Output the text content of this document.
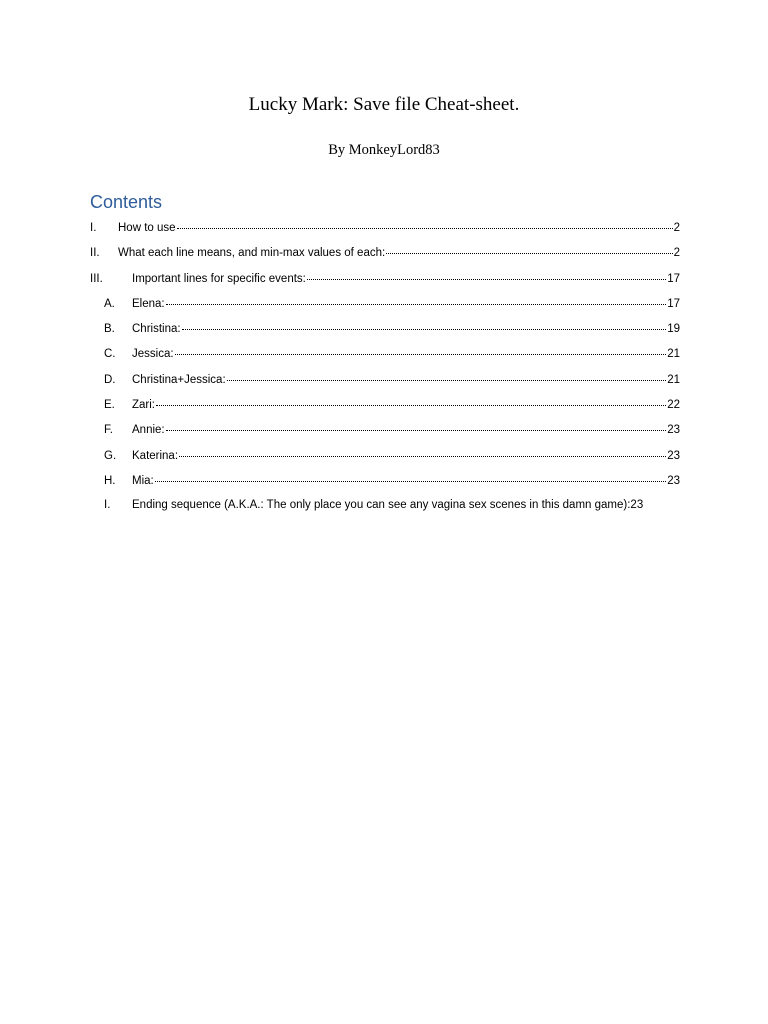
Lucky Mark: Save file Cheat-sheet.

By MonkeyLord83

Contents
I.	How to use	2
II.	What each line means, and min-max values of each:	2
III.	Important lines for specific events:	17
A.	Elena:	17
B.	Christina:	19
C.	Jessica:	21
D.	Christina+Jessica:	21
E.	Zari:	22
F.	Annie:	23
G.	Katerina:	23
H.	Mia:	23
I.	Ending sequence (A.K.A.: The only place you can see any vagina sex scenes in this damn game): 23
